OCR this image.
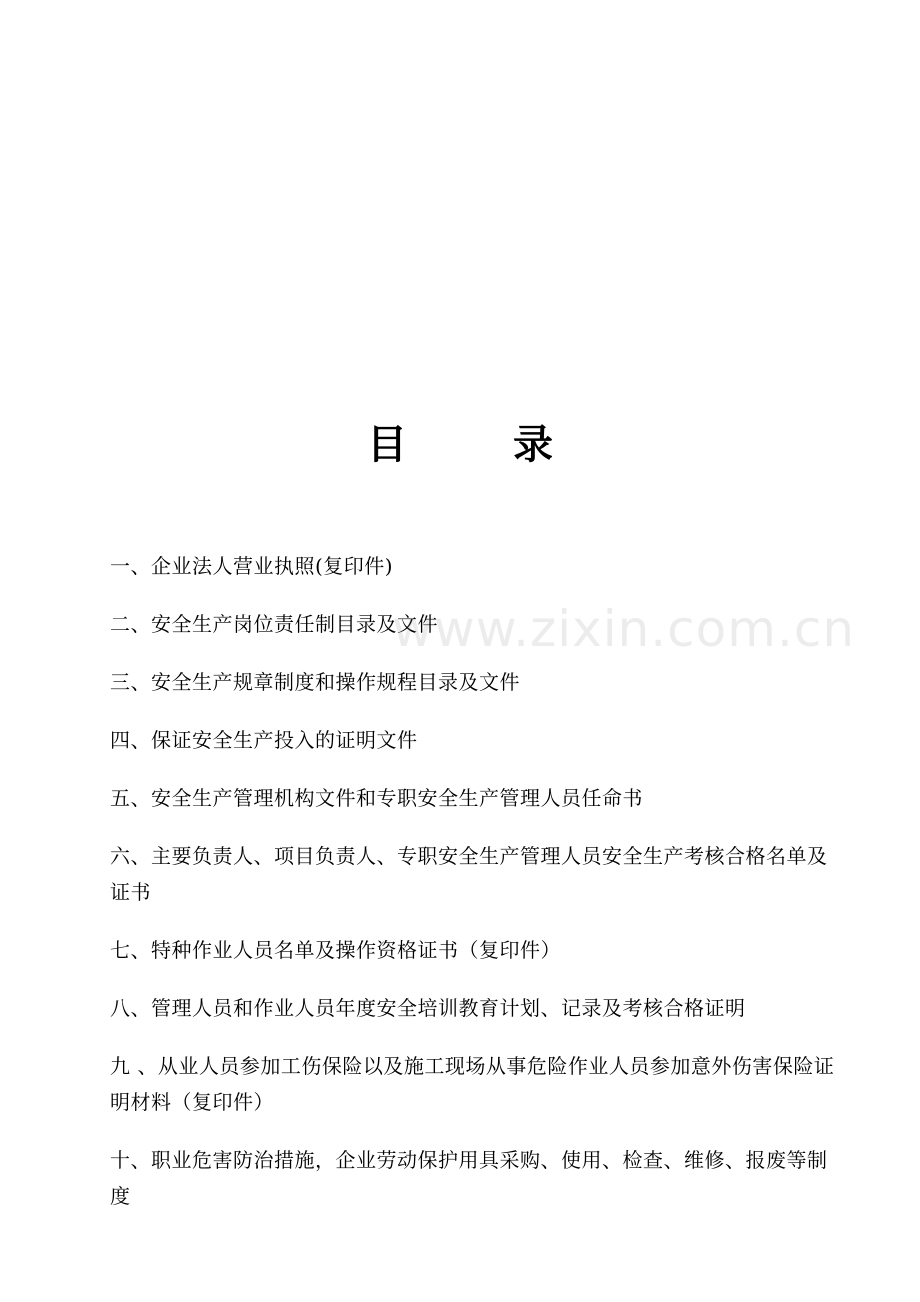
目	录
一、企业法人营业执照(复印件)
二、安全生产岗位责任制目录及文件
三、安全生产规章制度和操作规程目录及文件
四、保证安全生产投入的证明文件
五、安全生产管理机构文件和专职安全生产管理人员任命书
六、主要负责人、项目负责人、专职安全生产管理人员安全生产考核合格名单及证书
七、特种作业人员名单及操作资格证书（复印件）
八、管理人员和作业人员年度安全培训教育计划、记录及考核合格证明
九 、从业人员参加工伤保险以及施工现场从事危险作业人员参加意外伤害保险证明材料（复印件）
十、职业危害防治措施，企业劳动保护用具采购、使用、检查、维修、报废等制度
www.zixin.com.cn
